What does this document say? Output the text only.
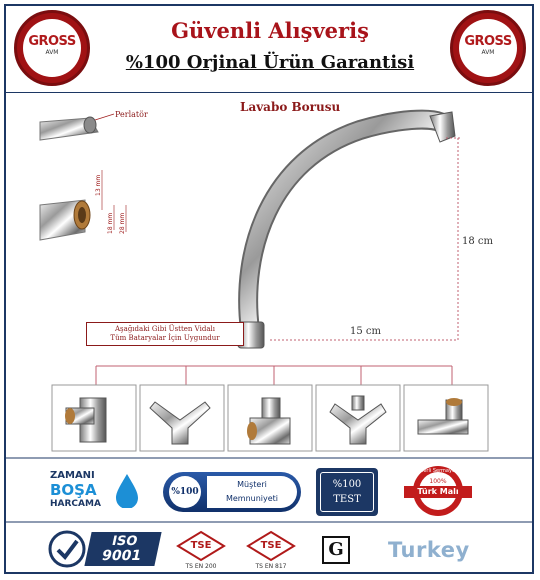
GROSS
AVM
GROSS
AVM
Güvenli Alışveriş
%100 Orjinal Ürün Garantisi
Lavabo Borusu
Perlatör
18 cm
15 cm
13 mm
18 mm 28 mm
Aşağıdaki Gibi Üstten Vidalı
Tüm Bataryalar İçin Uygundur
ZAMANI
BOŞA
HARCAMA
%100
Müşteri
Memnuniyeti
%100
TEST
Yerli Sermaye
100%
Türk Malı
ISO
9001
TSE
TS EN 200
TSE
TS EN 817
G	Turkey
